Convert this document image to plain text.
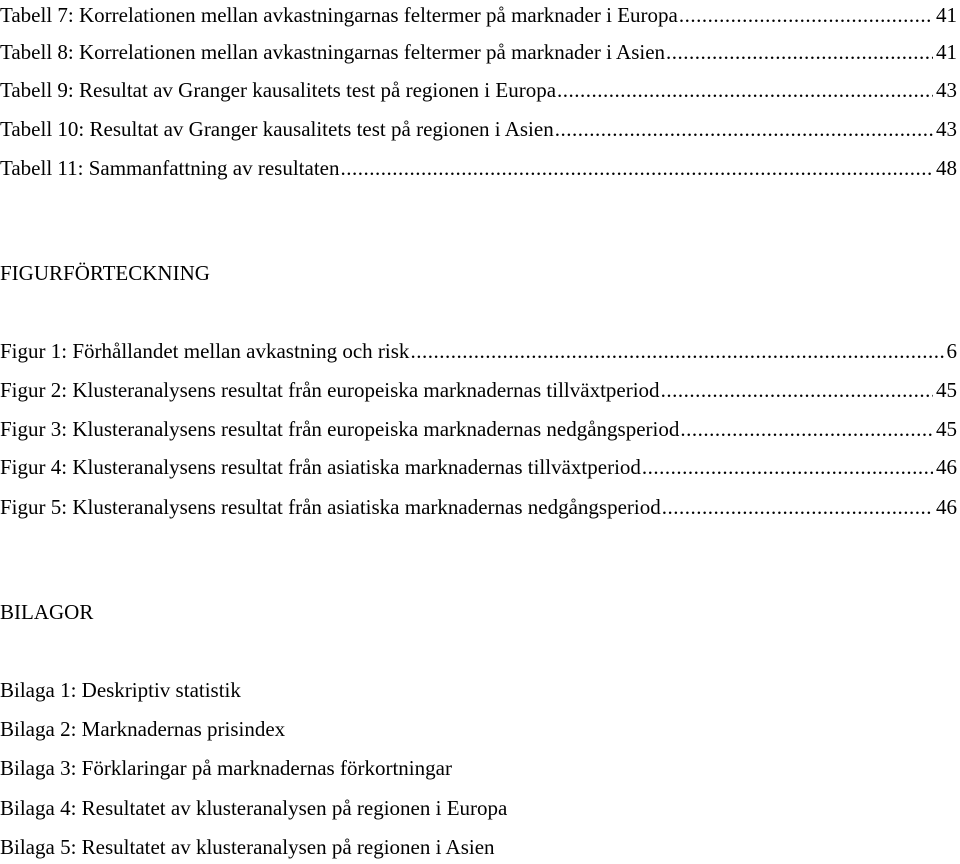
Tabell 7: Korrelationen mellan avkastningarnas feltermer på marknader i Europa .....	41
Tabell 8: Korrelationen mellan avkastningarnas feltermer på marknader i Asien .....	41
Tabell 9: Resultat av Granger kausalitets test på regionen i Europa .....	43
Tabell 10: Resultat av Granger kausalitets test på regionen i Asien .....	43
Tabell 11: Sammanfattning av resultaten .....	48
FIGURFÖRTECKNING
Figur 1: Förhållandet mellan avkastning och risk .....	6
Figur 2: Klusteranalysens resultat från europeiska marknadernas tillväxtperiod .....	45
Figur 3: Klusteranalysens resultat från europeiska marknadernas nedgångsperiod .....	45
Figur 4: Klusteranalysens resultat från asiatiska marknadernas tillväxtperiod .....	46
Figur 5: Klusteranalysens resultat från asiatiska marknadernas nedgångsperiod .....	46
BILAGOR
Bilaga 1: Deskriptiv statistik
Bilaga 2: Marknadernas prisindex
Bilaga 3: Förklaringar på marknadernas förkortningar
Bilaga 4: Resultatet av klusteranalysen på regionen i Europa
Bilaga 5: Resultatet av klusteranalysen på regionen i Asien
